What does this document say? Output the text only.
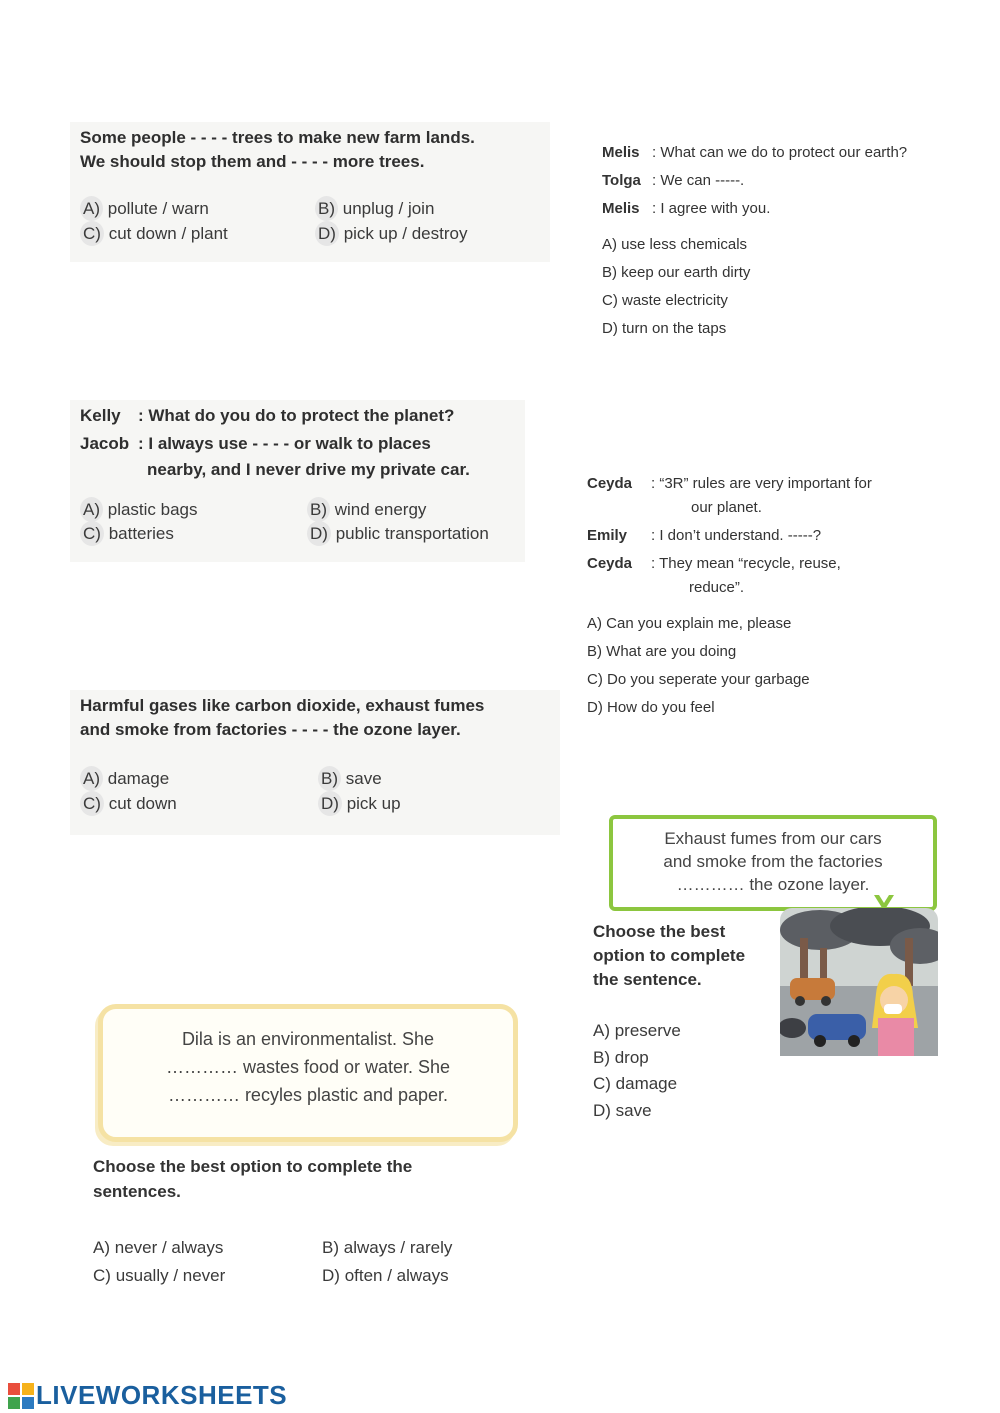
Some people - - - - trees to make new farm lands.
We should stop them and - - - - more trees.
A) pollute / warn	B) unplug / join
C) cut down / plant	D) pick up / destroy
Melis : What can we do to protect our earth?
Tolga : We can -----.
Melis : I agree with you.
A) use less chemicals
B) keep our earth dirty
C) waste electricity
D) turn on the taps
Kelly : What do you do to protect the planet?
Jacob : I always use - - - - or walk to places
nearby, and I never drive my private car.
A) plastic bags	B) wind energy
C) batteries	D) public transportation
Ceyda : “3R” rules are very important for
our planet.
Emily : I don’t understand. -----?
Ceyda : They mean “recycle, reuse,
reduce”.
A) Can you explain me, please
B) What are you doing
C) Do you seperate your garbage
D) How do you feel
Harmful gases like carbon dioxide, exhaust fumes
and smoke from factories - - - - the ozone layer.
A) damage	B) save
C) cut down	D) pick up
Exhaust fumes from our cars
and smoke from the factories
………… the ozone layer.
Choose the best
option to complete
the sentence.
A) preserve
B) drop
C) damage
D) save
Dila is an environmentalist. She
………… wastes food or water. She
………… recyles plastic and paper.
Choose the best option to complete the
sentences.
A) never / always	B) always / rarely
C) usually / never	D) often / always
LIVEWORKSHEETS
